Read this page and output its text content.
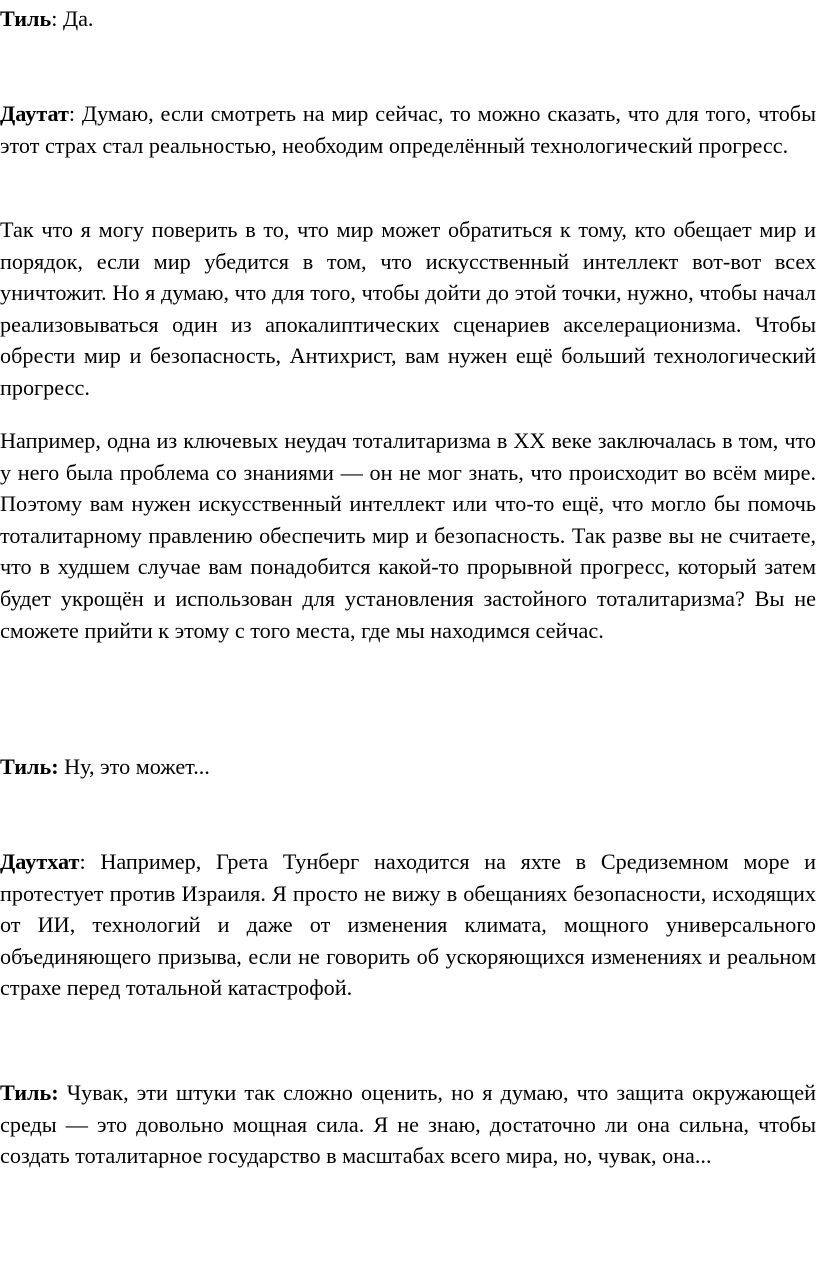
Тиль: Да.

Даутат: Думаю, если смотреть на мир сейчас, то можно сказать, что для того, чтобы этот страх стал реальностью, необходим определённый технологический прогресс.

Так что я могу поверить в то, что мир может обратиться к тому, кто обещает мир и порядок, если мир убедится в том, что искусственный интеллект вот-вот всех уничтожит. Но я думаю, что для того, чтобы дойти до этой точки, нужно, чтобы начал реализовываться один из апокалиптических сценариев акселерационизма. Чтобы обрести мир и безопасность, Антихрист, вам нужен ещё больший технологический прогресс.

Например, одна из ключевых неудач тоталитаризма в XX веке заключалась в том, что у него была проблема со знаниями — он не мог знать, что происходит во всём мире. Поэтому вам нужен искусственный интеллект или что-то ещё, что могло бы помочь тоталитарному правлению обеспечить мир и безопасность. Так разве вы не считаете, что в худшем случае вам понадобится какой-то прорывной прогресс, который затем будет укрощён и использован для установления застойного тоталитаризма? Вы не сможете прийти к этому с того места, где мы находимся сейчас.

Тиль: Ну, это может...

Даутхат: Например, Грета Тунберг находится на яхте в Средиземном море и протестует против Израиля. Я просто не вижу в обещаниях безопасности, исходящих от ИИ, технологий и даже от изменения климата, мощного универсального объединяющего призыва, если не говорить об ускоряющихся изменениях и реальном страхе перед тотальной катастрофой.

Тиль: Чувак, эти штуки так сложно оценить, но я думаю, что защита окружающей среды — это довольно мощная сила. Я не знаю, достаточно ли она сильна, чтобы создать тоталитарное государство в масштабах всего мира, но, чувак, она...
